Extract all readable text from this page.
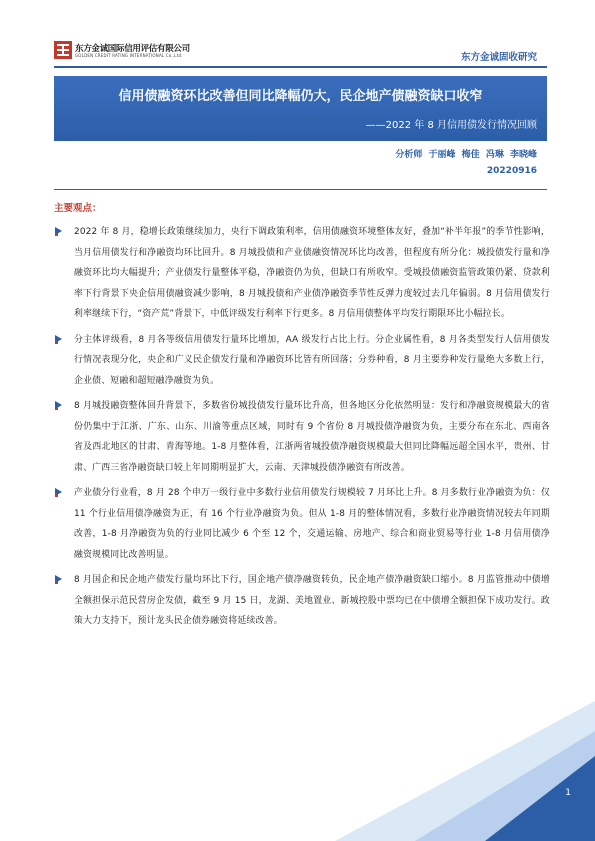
东方金诚国际信用评估有限公司
GOLDEN CREDIT RATING INTERNATIONAL Co.,Ltd.	东方金诚固收研究
信用债融资环比改善但同比降幅仍大，民企地产债融资缺口收窄
——2022 年 8 月信用债发行情况回顾
分析师 于丽峰 梅佳 冯琳 李晓峰
20220916
主要观点：
2022 年 8 月，稳增长政策继续加力，央行下调政策利率，信用债融资环境整体友好，叠加“补半年报”的季节性影响，当月信用债发行和净融资均环比回升。8 月城投债和产业债融资情况环比均改善，但程度有所分化：城投债发行量和净融资环比均大幅提升；产业债发行量整体平稳，净融资仍为负，但缺口有所收窄。受城投债融资监管政策仍紧、贷款利率下行背景下央企信用债融资减少影响，8 月城投债和产业债净融资季节性反弹力度较过去几年偏弱。8 月信用债发行利率继续下行，“资产荒”背景下，中低评级发行利率下行更多。8 月信用债整体平均发行期限环比小幅拉长。
分主体评级看，8 月各等级信用债发行量环比增加，AA 级发行占比上行。分企业属性看，8 月各类型发行人信用债发行情况表现分化，央企和广义民企债发行量和净融资环比皆有所回落；分券种看，8 月主要券种发行量绝大多数上行，企业债、短融和超短融净融资为负。
8 月城投融资整体回升背景下，多数省份城投债发行量环比升高，但各地区分化依然明显：发行和净融资规模最大的省份仍集中于江浙、广东、山东、川渝等重点区域，同时有 9 个省份 8 月城投债净融资为负，主要分布在东北、西南各省及西北地区的甘肃、青海等地。1-8 月整体看，江浙两省城投债净融资规模最大但同比降幅远超全国水平，贵州、甘肃、广西三省净融资缺口较上年同期明显扩大，云南、天津城投债净融资有所改善。
产业债分行业看，8 月 28 个申万一级行业中多数行业信用债发行规模较 7 月环比上升。8 月多数行业净融资为负：仅 11 个行业信用债净融资为正，有 16 个行业净融资为负。但从 1-8 月的整体情况看，多数行业净融资情况较去年同期改善，1-8 月净融资为负的行业同比减少 6 个至 12 个，交通运输、房地产、综合和商业贸易等行业 1-8 月信用债净融资规模同比改善明显。
8 月国企和民企地产债发行量均环比下行，国企地产债净融资转负，民企地产债净融资缺口缩小。8 月监管推动中债增全额担保示范民营房企发债，截至 9 月 15 日，龙湖、美地置业、新城控股中票均已在中债增全额担保下成功发行。政策大力支持下，预计龙头民企债券融资将延续改善。
1
